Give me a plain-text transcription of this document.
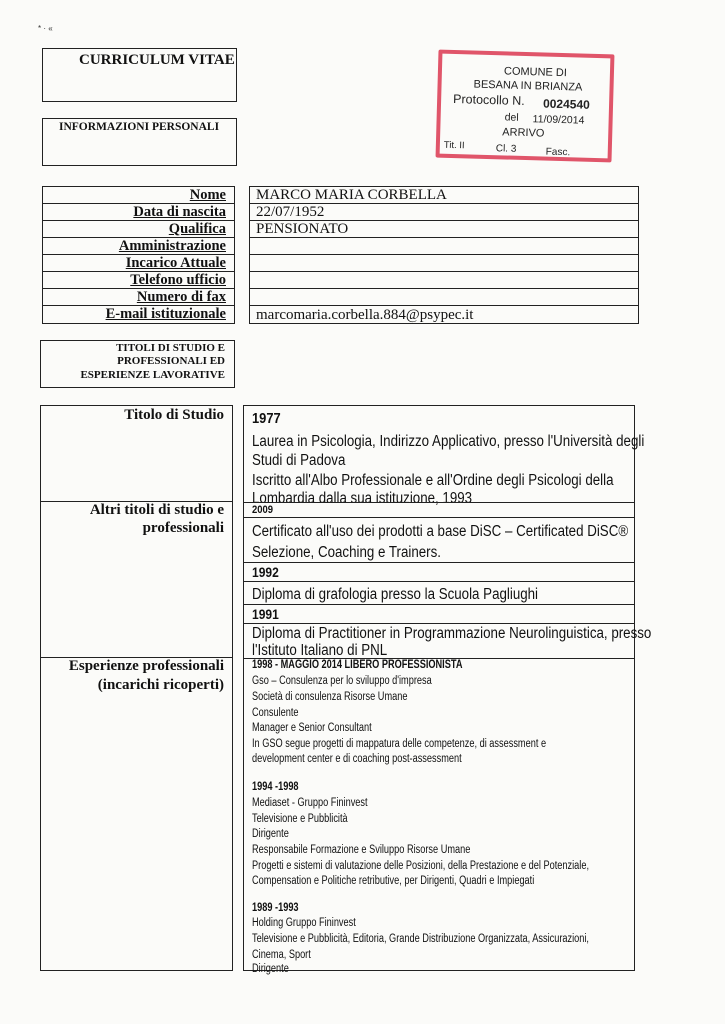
* · «
CURRICULUM VITAE
INFORMAZIONI PERSONALI
COMUNE DI
BESANA IN BRIANZA
Protocollo N. 0024540
del 11/09/2014
ARRIVO
Tit. II	Cl. 3	Fasc.
Nome
Data di nascita
Qualifica
Amministrazione
Incarico Attuale
Telefono ufficio
Numero di fax
E-mail istituzionale
MARCO MARIA CORBELLA
22/07/1952
PENSIONATO
marcomaria.corbella.884@psypec.it
TITOLI DI STUDIO E
PROFESSIONALI ED
ESPERIENZE LAVORATIVE
Titolo di Studio
Altri titoli di studio e
professionali
Esperienze professionali
(incarichi ricoperti)
1977
Laurea in Psicologia, Indirizzo Applicativo, presso l'Università degli
Studi di Padova
Iscritto all'Albo Professionale e all'Ordine degli Psicologi della
Lombardia dalla sua istituzione, 1993
2009
Certificato all'uso dei prodotti a base DiSC – Certificated DiSC®
Selezione, Coaching e Trainers.
1992
Diploma di grafologia presso la Scuola Pagliughi
1991
Diploma di Practitioner in Programmazione Neurolinguistica, presso
l'Istituto Italiano di PNL
1998 - MAGGIO 2014 LIBERO PROFESSIONISTA
Gso – Consulenza per lo sviluppo d'impresa
Società di consulenza Risorse Umane
Consulente
Manager e Senior Consultant
In GSO segue progetti di mappatura delle competenze, di assessment e
development center e di coaching post-assessment
1994 -1998
Mediaset - Gruppo Fininvest
Televisione e Pubblicità
Dirigente
Responsabile Formazione e Sviluppo Risorse Umane
Progetti e sistemi di valutazione delle Posizioni, della Prestazione e del Potenziale,
Compensation e Politiche retributive, per Dirigenti, Quadri e Impiegati
1989 -1993
Holding Gruppo Fininvest
Televisione e Pubblicità, Editoria, Grande Distribuzione Organizzata, Assicurazioni,
Cinema, Sport
Dirigente
